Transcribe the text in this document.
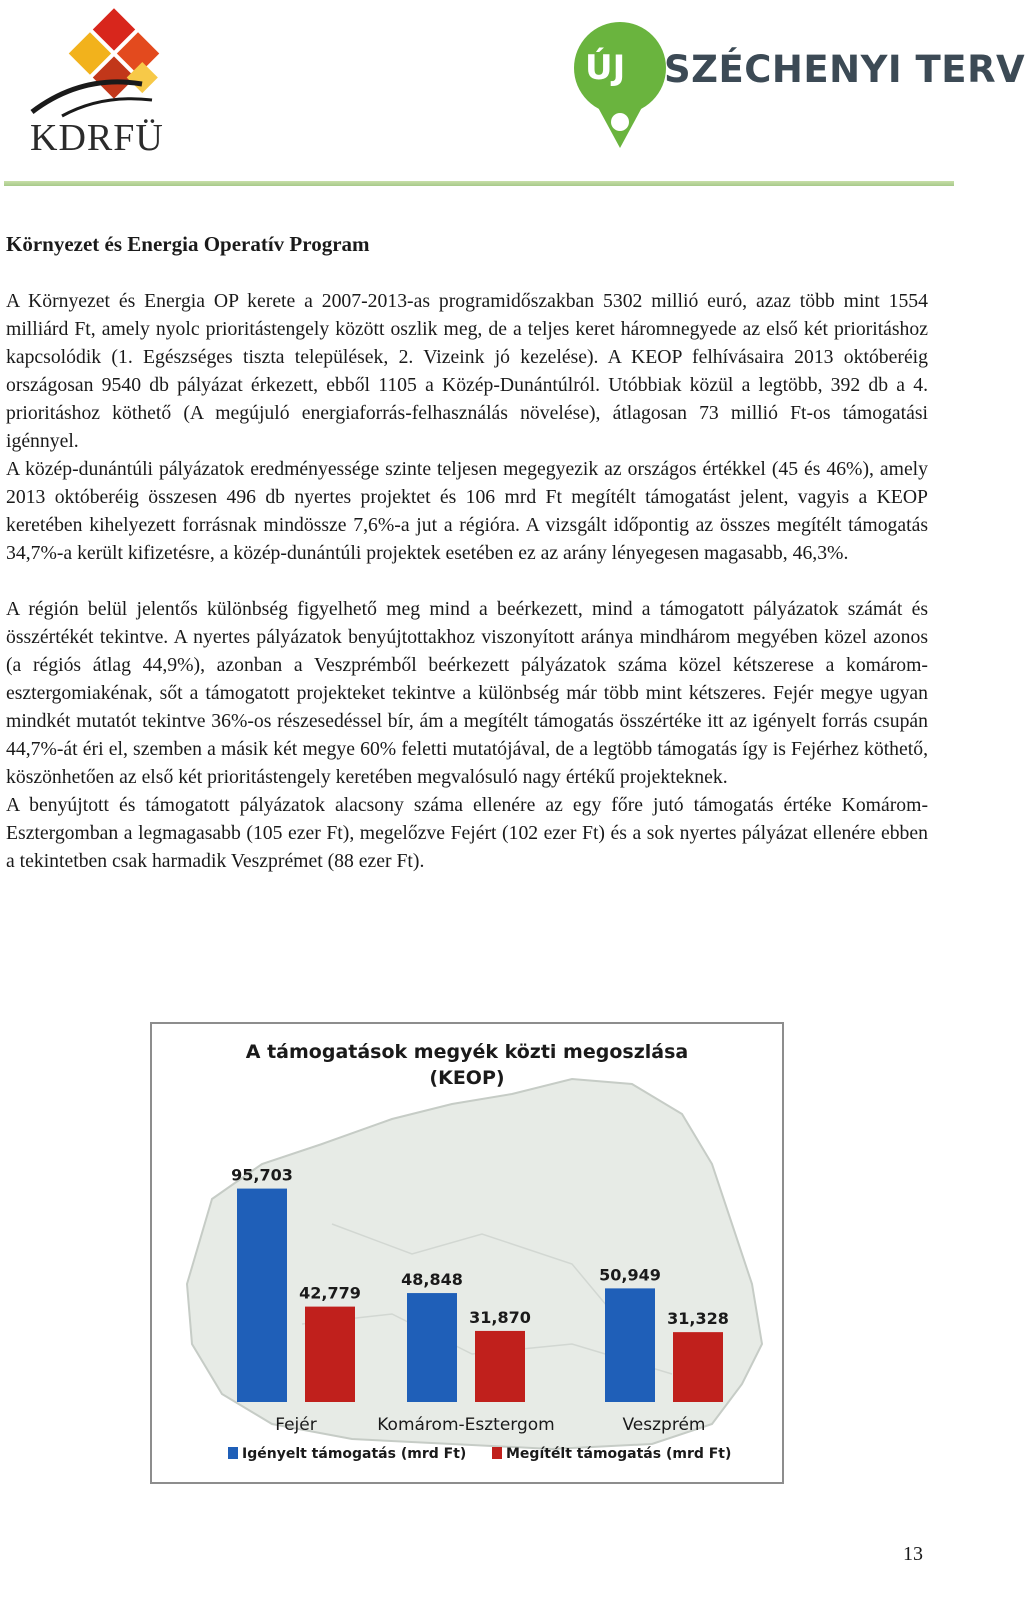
KDRFÜ
ÚJ SZÉCHENYI TERV
Környezet és Energia Operatív Program

A Környezet és Energia OP kerete a 2007-2013-as programidőszakban 5302 millió euró, azaz több mint 1554 milliárd Ft, amely nyolc prioritástengely között oszlik meg, de a teljes keret háromnegyede az első két prioritáshoz kapcsolódik (1. Egészséges tiszta települések, 2. Vizeink jó kezelése). A KEOP felhívásaira 2013 októberéig országosan 9540 db pályázat érkezett, ebből 1105 a Közép-Dunántúlról. Utóbbiak közül a legtöbb, 392 db a 4. prioritáshoz köthető (A megújuló energiaforrás-felhasználás növelése), átlagosan 73 millió Ft-os támogatási igénnyel.

A közép-dunántúli pályázatok eredményessége szinte teljesen megegyezik az országos értékkel (45 és 46%), amely 2013 októberéig összesen 496 db nyertes projektet és 106 mrd Ft megítélt támogatást jelent, vagyis a KEOP keretében kihelyezett forrásnak mindössze 7,6%-a jut a régióra. A vizsgált időpontig az összes megítélt támogatás 34,7%-a került kifizetésre, a közép-dunántúli projektek esetében ez az arány lényegesen magasabb, 46,3%.

A régión belül jelentős különbség figyelhető meg mind a beérkezett, mind a támogatott pályázatok számát és összértékét tekintve. A nyertes pályázatok benyújtottakhoz viszonyított aránya mindhárom megyében közel azonos (a régiós átlag 44,9%), azonban a Veszprémből beérkezett pályázatok száma közel kétszerese a komárom-esztergomiakénak, sőt a támogatott projekteket tekintve a különbség már több mint kétszeres. Fejér megye ugyan mindkét mutatót tekintve 36%-os részesedéssel bír, ám a megítélt támogatás összértéke itt az igényelt forrás csupán 44,7%-át éri el, szemben a másik két megye 60% feletti mutatójával, de a legtöbb támogatás így is Fejérhez köthető, köszönhetően az első két prioritástengely keretében megvalósuló nagy értékű projekteknek.

A benyújtott és támogatott pályázatok alacsony száma ellenére az egy főre jutó támogatás értéke Komárom-Esztergomban a legmagasabb (105 ezer Ft), megelőzve Fejért (102 ezer Ft) és a sok nyertes pályázat ellenére ebben a tekintetben csak harmadik Veszprémet (88 ezer Ft).

A támogatások megyék közti megoszlása
(KEOP)
95,703
42,779
Fejér
48,848
31,870
Komárom-Esztergom
50,949
31,328
Veszprém
Igényelt támogatás (mrd Ft)	Megítélt támogatás (mrd Ft)
13
